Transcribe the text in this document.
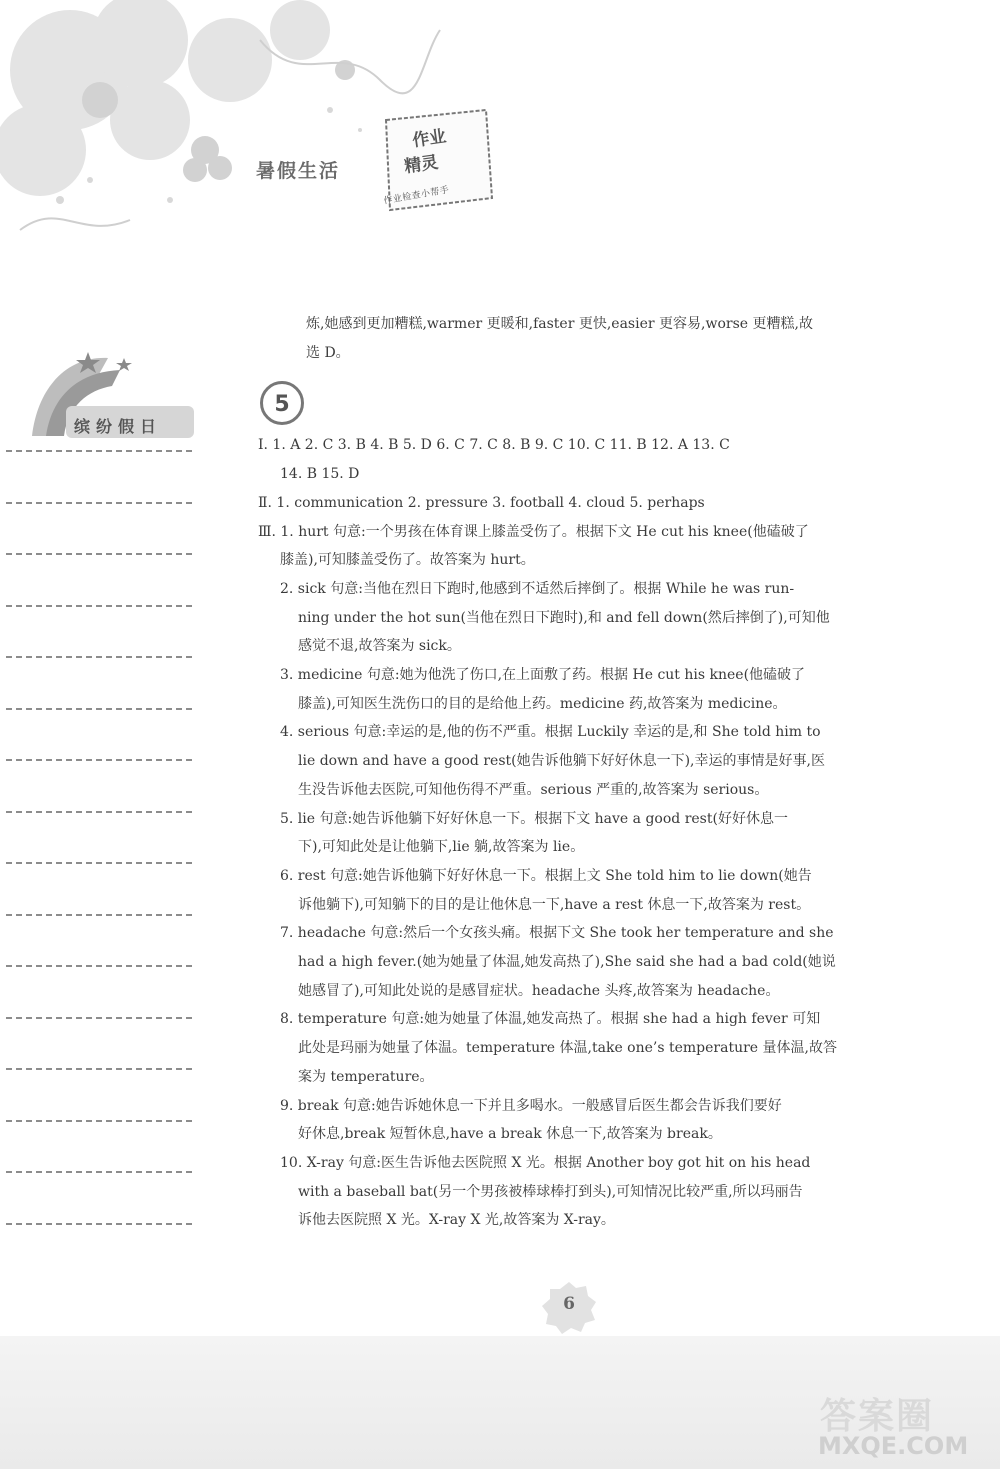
暑假生活
作业
精灵
作业检查小帮手
缤纷假日

炼,她感到更加糟糕,warmer 更暖和,faster 更快,easier 更容易,worse 更糟糕,故

选 D。

5

Ⅰ. 1. A 2. C 3. B 4. B 5. D 6. C 7. C 8. B 9. C 10. C 11. B 12. A 13. C

14. B 15. D

Ⅱ. 1. communication 2. pressure 3. football 4. cloud 5. perhaps

Ⅲ. 1. hurt 句意:一个男孩在体育课上膝盖受伤了。根据下文 He cut his knee(他磕破了

膝盖),可知膝盖受伤了。故答案为 hurt。

2. sick 句意:当他在烈日下跑时,他感到不适然后摔倒了。根据 While he was run-

ning under the hot sun(当他在烈日下跑时),和 and fell down(然后摔倒了),可知他

感觉不退,故答案为 sick。

3. medicine 句意:她为他洗了伤口,在上面敷了药。根据 He cut his knee(他磕破了

膝盖),可知医生洗伤口的目的是给他上药。medicine 药,故答案为 medicine。

4. serious 句意:幸运的是,他的伤不严重。根据 Luckily 幸运的是,和 She told him to

lie down and have a good rest(她告诉他躺下好好休息一下),幸运的事情是好事,医

生没告诉他去医院,可知他伤得不严重。serious 严重的,故答案为 serious。

5. lie 句意:她告诉他躺下好好休息一下。根据下文 have a good rest(好好休息一

下),可知此处是让他躺下,lie 躺,故答案为 lie。

6. rest 句意:她告诉他躺下好好休息一下。根据上文 She told him to lie down(她告

诉他躺下),可知躺下的目的是让他休息一下,have a rest 休息一下,故答案为 rest。

7. headache 句意:然后一个女孩头痛。根据下文 She took her temperature and she

had a high fever.(她为她量了体温,她发高热了),She said she had a bad cold(她说

她感冒了),可知此处说的是感冒症状。headache 头疼,故答案为 headache。

8. temperature 句意:她为她量了体温,她发高热了。根据 she had a high fever 可知

此处是玛丽为她量了体温。temperature 体温,take one’s temperature 量体温,故答

案为 temperature。

9. break 句意:她告诉她休息一下并且多喝水。一般感冒后医生都会告诉我们要好

好休息,break 短暂休息,have a break 休息一下,故答案为 break。

10. X-ray 句意:医生告诉他去医院照 X 光。根据 Another boy got hit on his head

with a baseball bat(另一个男孩被棒球棒打到头),可知情况比较严重,所以玛丽告

诉他去医院照 X 光。X-ray X 光,故答案为 X-ray。

6
答案圈
MXQE.COM
